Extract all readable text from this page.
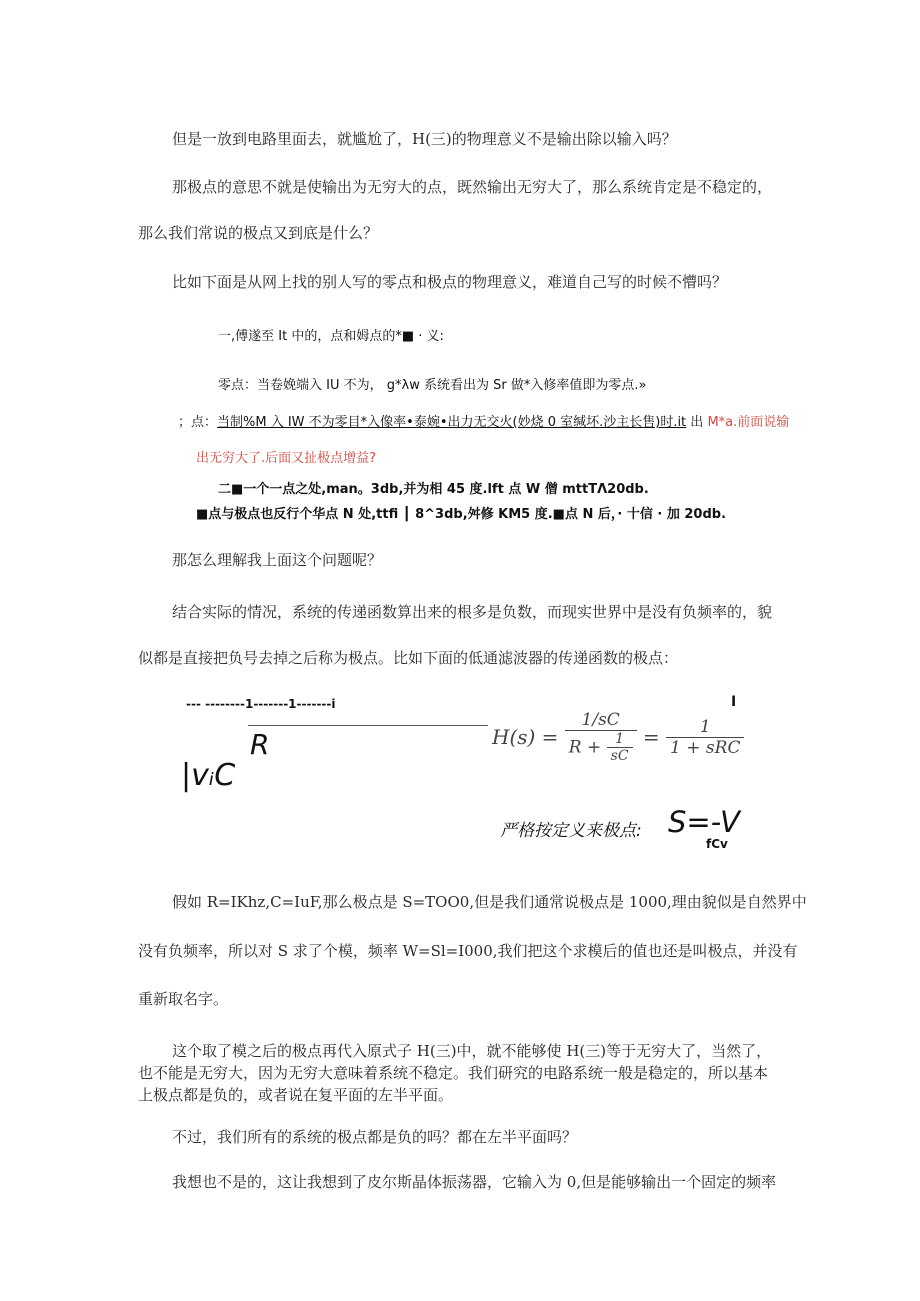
但是一放到电路里面去，就尴尬了，H(三)的物理意义不是输出除以输入吗？
那极点的意思不就是使输出为无穷大的点，既然输出无穷大了，那么系统肯定是不稳定的，
那么我们常说的极点又到底是什么？
比如下面是从网上找的别人写的零点和极点的物理意义，难道自己写的时候不懵吗？
一,傅遂至 It 中的，点和姆点的*■ · 义:
零点：当卷娩端入 IU 不为， g*λw 系统看出为 Sr 做*入修率值即为零点.»
；点：当制%M 入 IW 不为零目*入像率•泰婉•出力无交火(妙烧 0 室缄坏.沙主长售)时.it 出 M*a.前面说输
出无穷大了.后面又扯极点增益?
二■一个一点之处,man。3db,并为相 45 度.lft 点 W 僧 mttTΛ20db.
■点与极点也反行个华点 N 处,ttfi ┃ 8^3db,舛修 KM5 度.■点 N 后，· 十信 · 加 20db.
那怎么理解我上面这个问题呢？
结合实际的情况，系统的传递函数算出来的根多是负数，而现实世界中是没有负频率的，貌
似都是直接把负号去掉之后称为极点。比如下面的低通滤波器的传递函数的极点：
--- --------1-------1-------i	I
R
|vᵢC
$H(s) = \frac{1/sC}{R + \frac{1}{sC}} = \frac{1}{\text{1 + sRC}}$
严格按定义来极点: S=-V
fCv
假如 R=IKhz,C=IuF,那么极点是 S=TOO0,但是我们通常说极点是 1000,理由貌似是自然界中
没有负频率，所以对 S 求了个模，频率 W=Sl=I000,我们把这个求模后的值也还是叫极点，并没有
重新取名字。
这个取了模之后的极点再代入原式子 H(三)中，就不能够使 H(三)等于无穷大了，当然了，
也不能是无穷大，因为无穷大意味着系统不稳定。我们研究的电路系统一般是稳定的，所以基本
上极点都是负的，或者说在复平面的左半平面。
不过，我们所有的系统的极点都是负的吗？都在左半平面吗？
我想也不是的，这让我想到了皮尔斯晶体振荡器，它输入为 0,但是能够输出一个固定的频率
